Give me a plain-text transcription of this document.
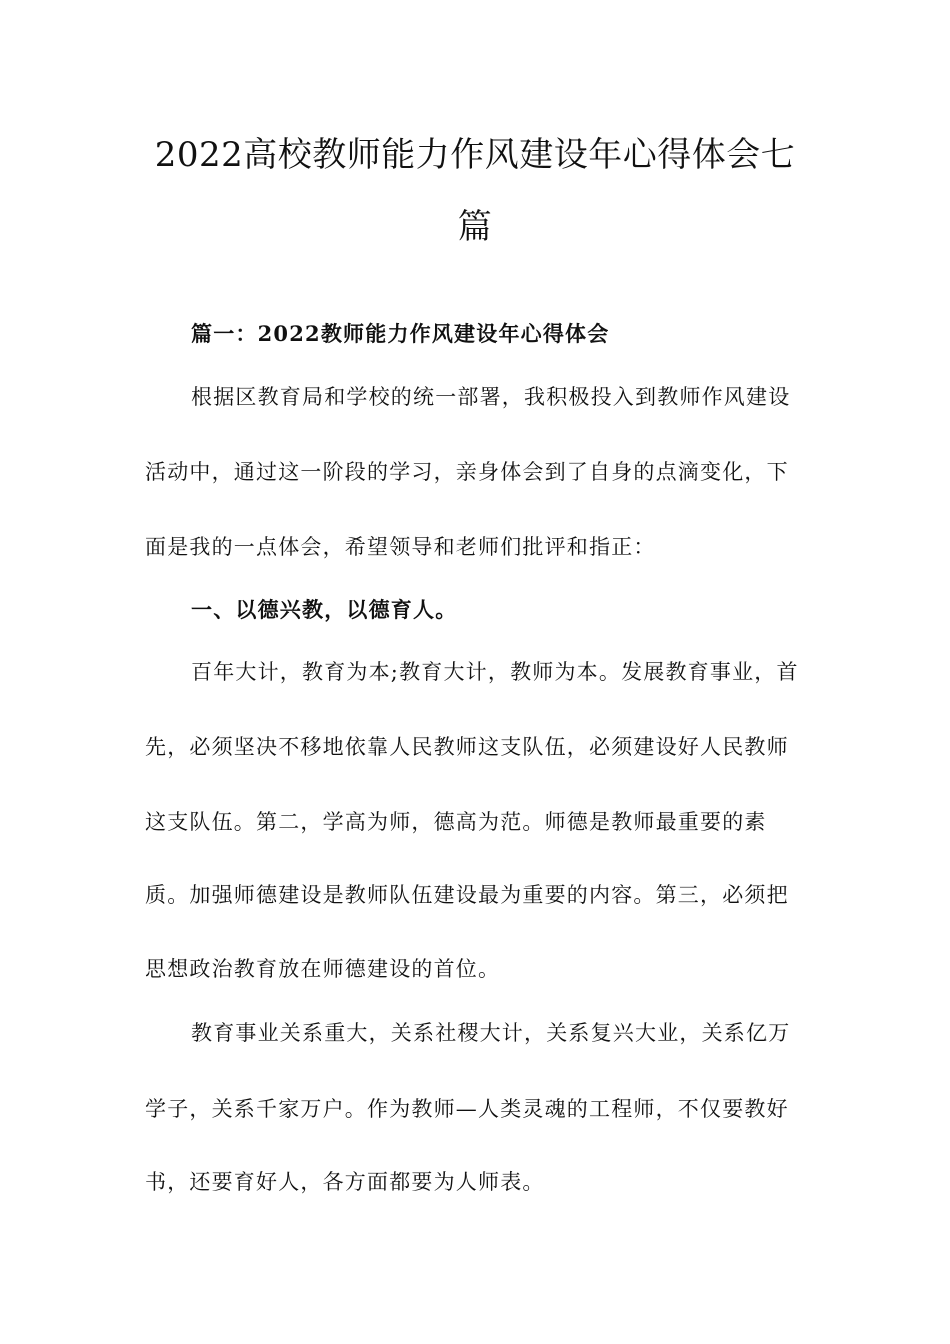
2022高校教师能力作风建设年心得体会七
篇

篇一：2022教师能力作风建设年心得体会

根据区教育局和学校的统一部署，我积极投入到教师作风建设

活动中，通过这一阶段的学习，亲身体会到了自身的点滴变化，下

面是我的一点体会，希望领导和老师们批评和指正：

一、以德兴教，以德育人。

百年大计，教育为本;教育大计，教师为本。发展教育事业，首

先，必须坚决不移地依靠人民教师这支队伍，必须建设好人民教师

这支队伍。第二，学高为师，德高为范。师德是教师最重要的素

质。加强师德建设是教师队伍建设最为重要的内容。第三，必须把

思想政治教育放在师德建设的首位。

教育事业关系重大，关系社稷大计，关系复兴大业，关系亿万

学子，关系千家万户。作为教师—人类灵魂的工程师，不仅要教好

书，还要育好人，各方面都要为人师表。
